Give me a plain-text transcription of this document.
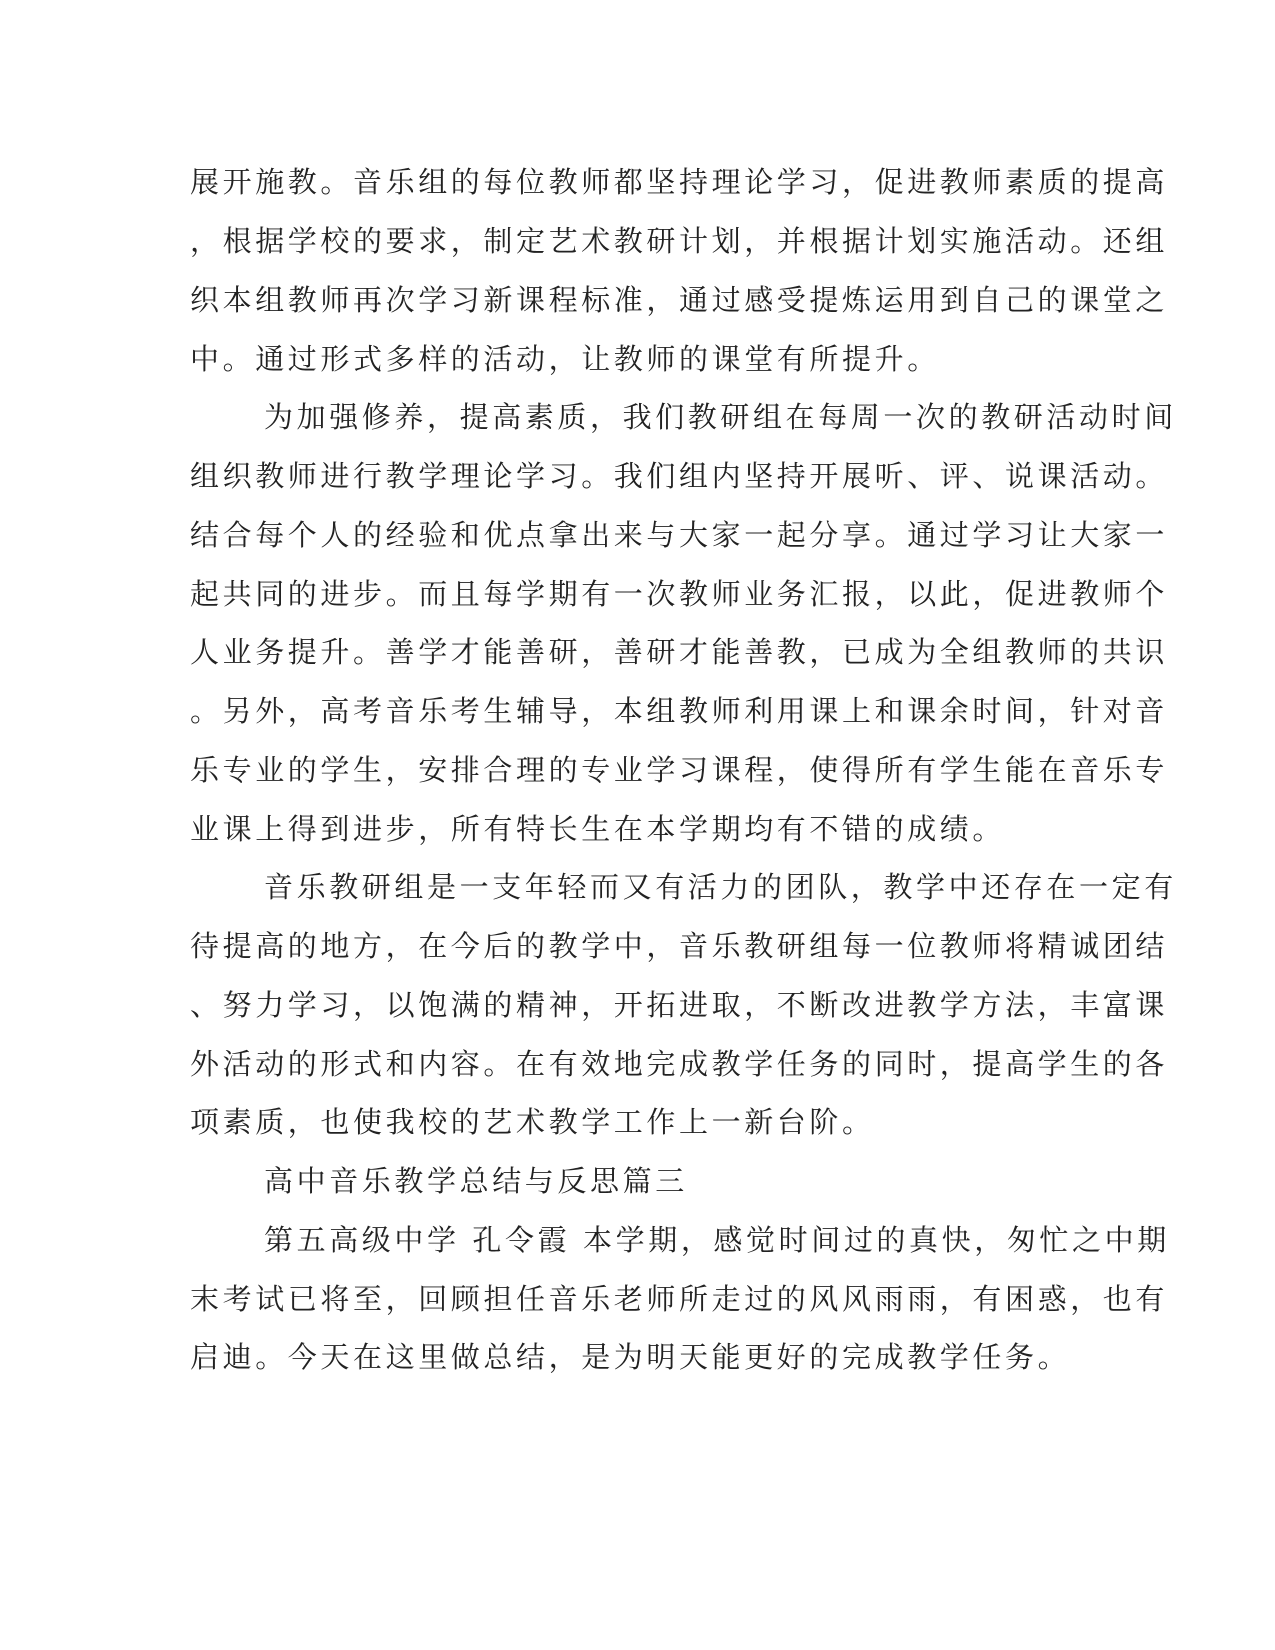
展开施教。音乐组的每位教师都坚持理论学习，促进教师素质的提高
，根据学校的要求，制定艺术教研计划，并根据计划实施活动。还组
织本组教师再次学习新课程标准，通过感受提炼运用到自己的课堂之
中。通过形式多样的活动，让教师的课堂有所提升。
为加强修养，提高素质，我们教研组在每周一次的教研活动时间
组织教师进行教学理论学习。我们组内坚持开展听、评、说课活动。
结合每个人的经验和优点拿出来与大家一起分享。通过学习让大家一
起共同的进步。而且每学期有一次教师业务汇报，以此，促进教师个
人业务提升。善学才能善研，善研才能善教，已成为全组教师的共识
。另外，高考音乐考生辅导，本组教师利用课上和课余时间，针对音
乐专业的学生，安排合理的专业学习课程，使得所有学生能在音乐专
业课上得到进步，所有特长生在本学期均有不错的成绩。
音乐教研组是一支年轻而又有活力的团队，教学中还存在一定有
待提高的地方，在今后的教学中，音乐教研组每一位教师将精诚团结
、努力学习，以饱满的精神，开拓进取，不断改进教学方法，丰富课
外活动的形式和内容。在有效地完成教学任务的同时，提高学生的各
项素质，也使我校的艺术教学工作上一新台阶。
高中音乐教学总结与反思篇三
第五高级中学 孔令霞 本学期，感觉时间过的真快，匆忙之中期
末考试已将至，回顾担任音乐老师所走过的风风雨雨，有困惑，也有
启迪。今天在这里做总结，是为明天能更好的完成教学任务。
